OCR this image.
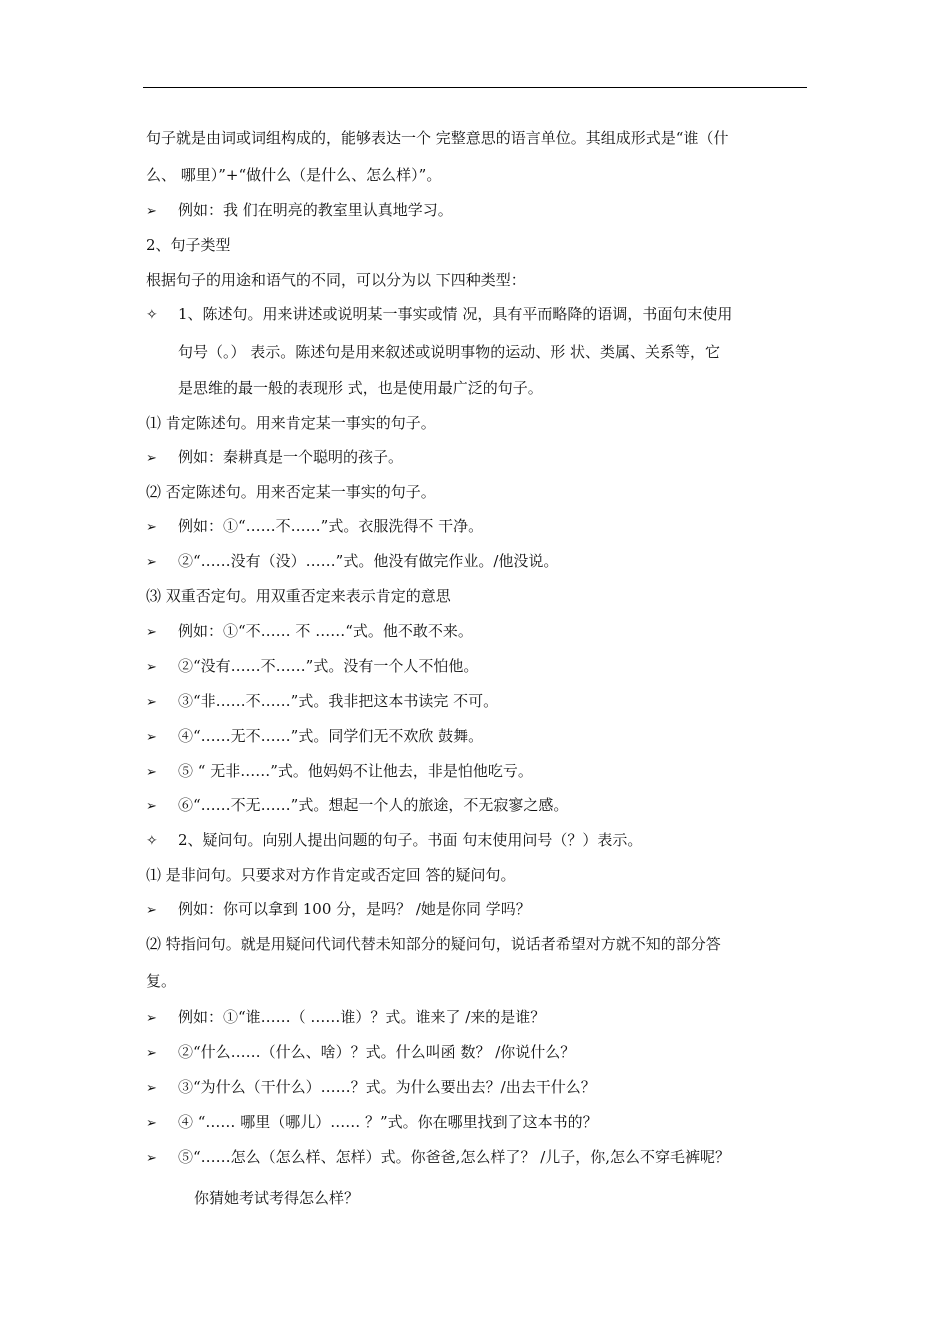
句子就是由词或词组构成的，能够表达一个 完整意思的语言单位。其组成形式是“谁（什
么、 哪里）”+“做什么（是什么、怎么样）”。
➢ 例如：我 们在明亮的教室里认真地学习。
2、句子类型
根据句子的用途和语气的不同，可以分为以 下四种类型：
✧ 1、陈述句。用来讲述或说明某一事实或情 况，具有平而略降的语调，书面句末使用
句号（。） 表示。陈述句是用来叙述或说明事物的运动、形 状、类属、关系等，它
是思维的最一般的表现形 式，也是使用最广泛的句子。
⑴ 肯定陈述句。用来肯定某一事实的句子。
➢ 例如：秦耕真是一个聪明的孩子。
⑵ 否定陈述句。用来否定某一事实的句子。
➢ 例如：①“……不……”式。衣服洗得不 干净。
➢ ②“……没有（没）……”式。他没有做完作业。/他没说。
⑶ 双重否定句。用双重否定来表示肯定的意思
➢ 例如：①“不…… 不 ……“式。他不敢不来。
➢ ②“没有……不……”式。没有一个人不怕他。
➢ ③“非……不……”式。我非把这本书读完 不可。
➢ ④“……无不……”式。同学们无不欢欣 鼓舞。
➢ ⑤ “ 无非……”式。他妈妈不让他去，非是怕他吃亏。
➢ ⑥“……不无……”式。想起一个人的旅途，不无寂寥之感。
✧ 2、疑问句。向别人提出问题的句子。书面 句末使用问号（？）表示。
⑴ 是非问句。只要求对方作肯定或否定回 答的疑问句。
➢ 例如：你可以拿到 100 分，是吗？ /她是你同 学吗？
⑵ 特指问句。就是用疑问代词代替未知部分的疑问句，说话者希望对方就不知的部分答
复。
➢ 例如：①“谁……（ ……谁）？式。谁来了 /来的是谁？
➢ ②“什么……（什么、啥）？式。什么叫函 数？ /你说什么？
➢ ③“为什么（干什么）……？式。为什么要出去？/出去干什么？
➢ ④ “…… 哪里（哪儿）…… ？”式。你在哪里找到了这本书的？
➢ ⑤“……怎么（怎么样、怎样）式。你爸爸,怎么样了？ /儿子，你,怎么不穿毛裤呢？
你猜她考试考得怎么样？
